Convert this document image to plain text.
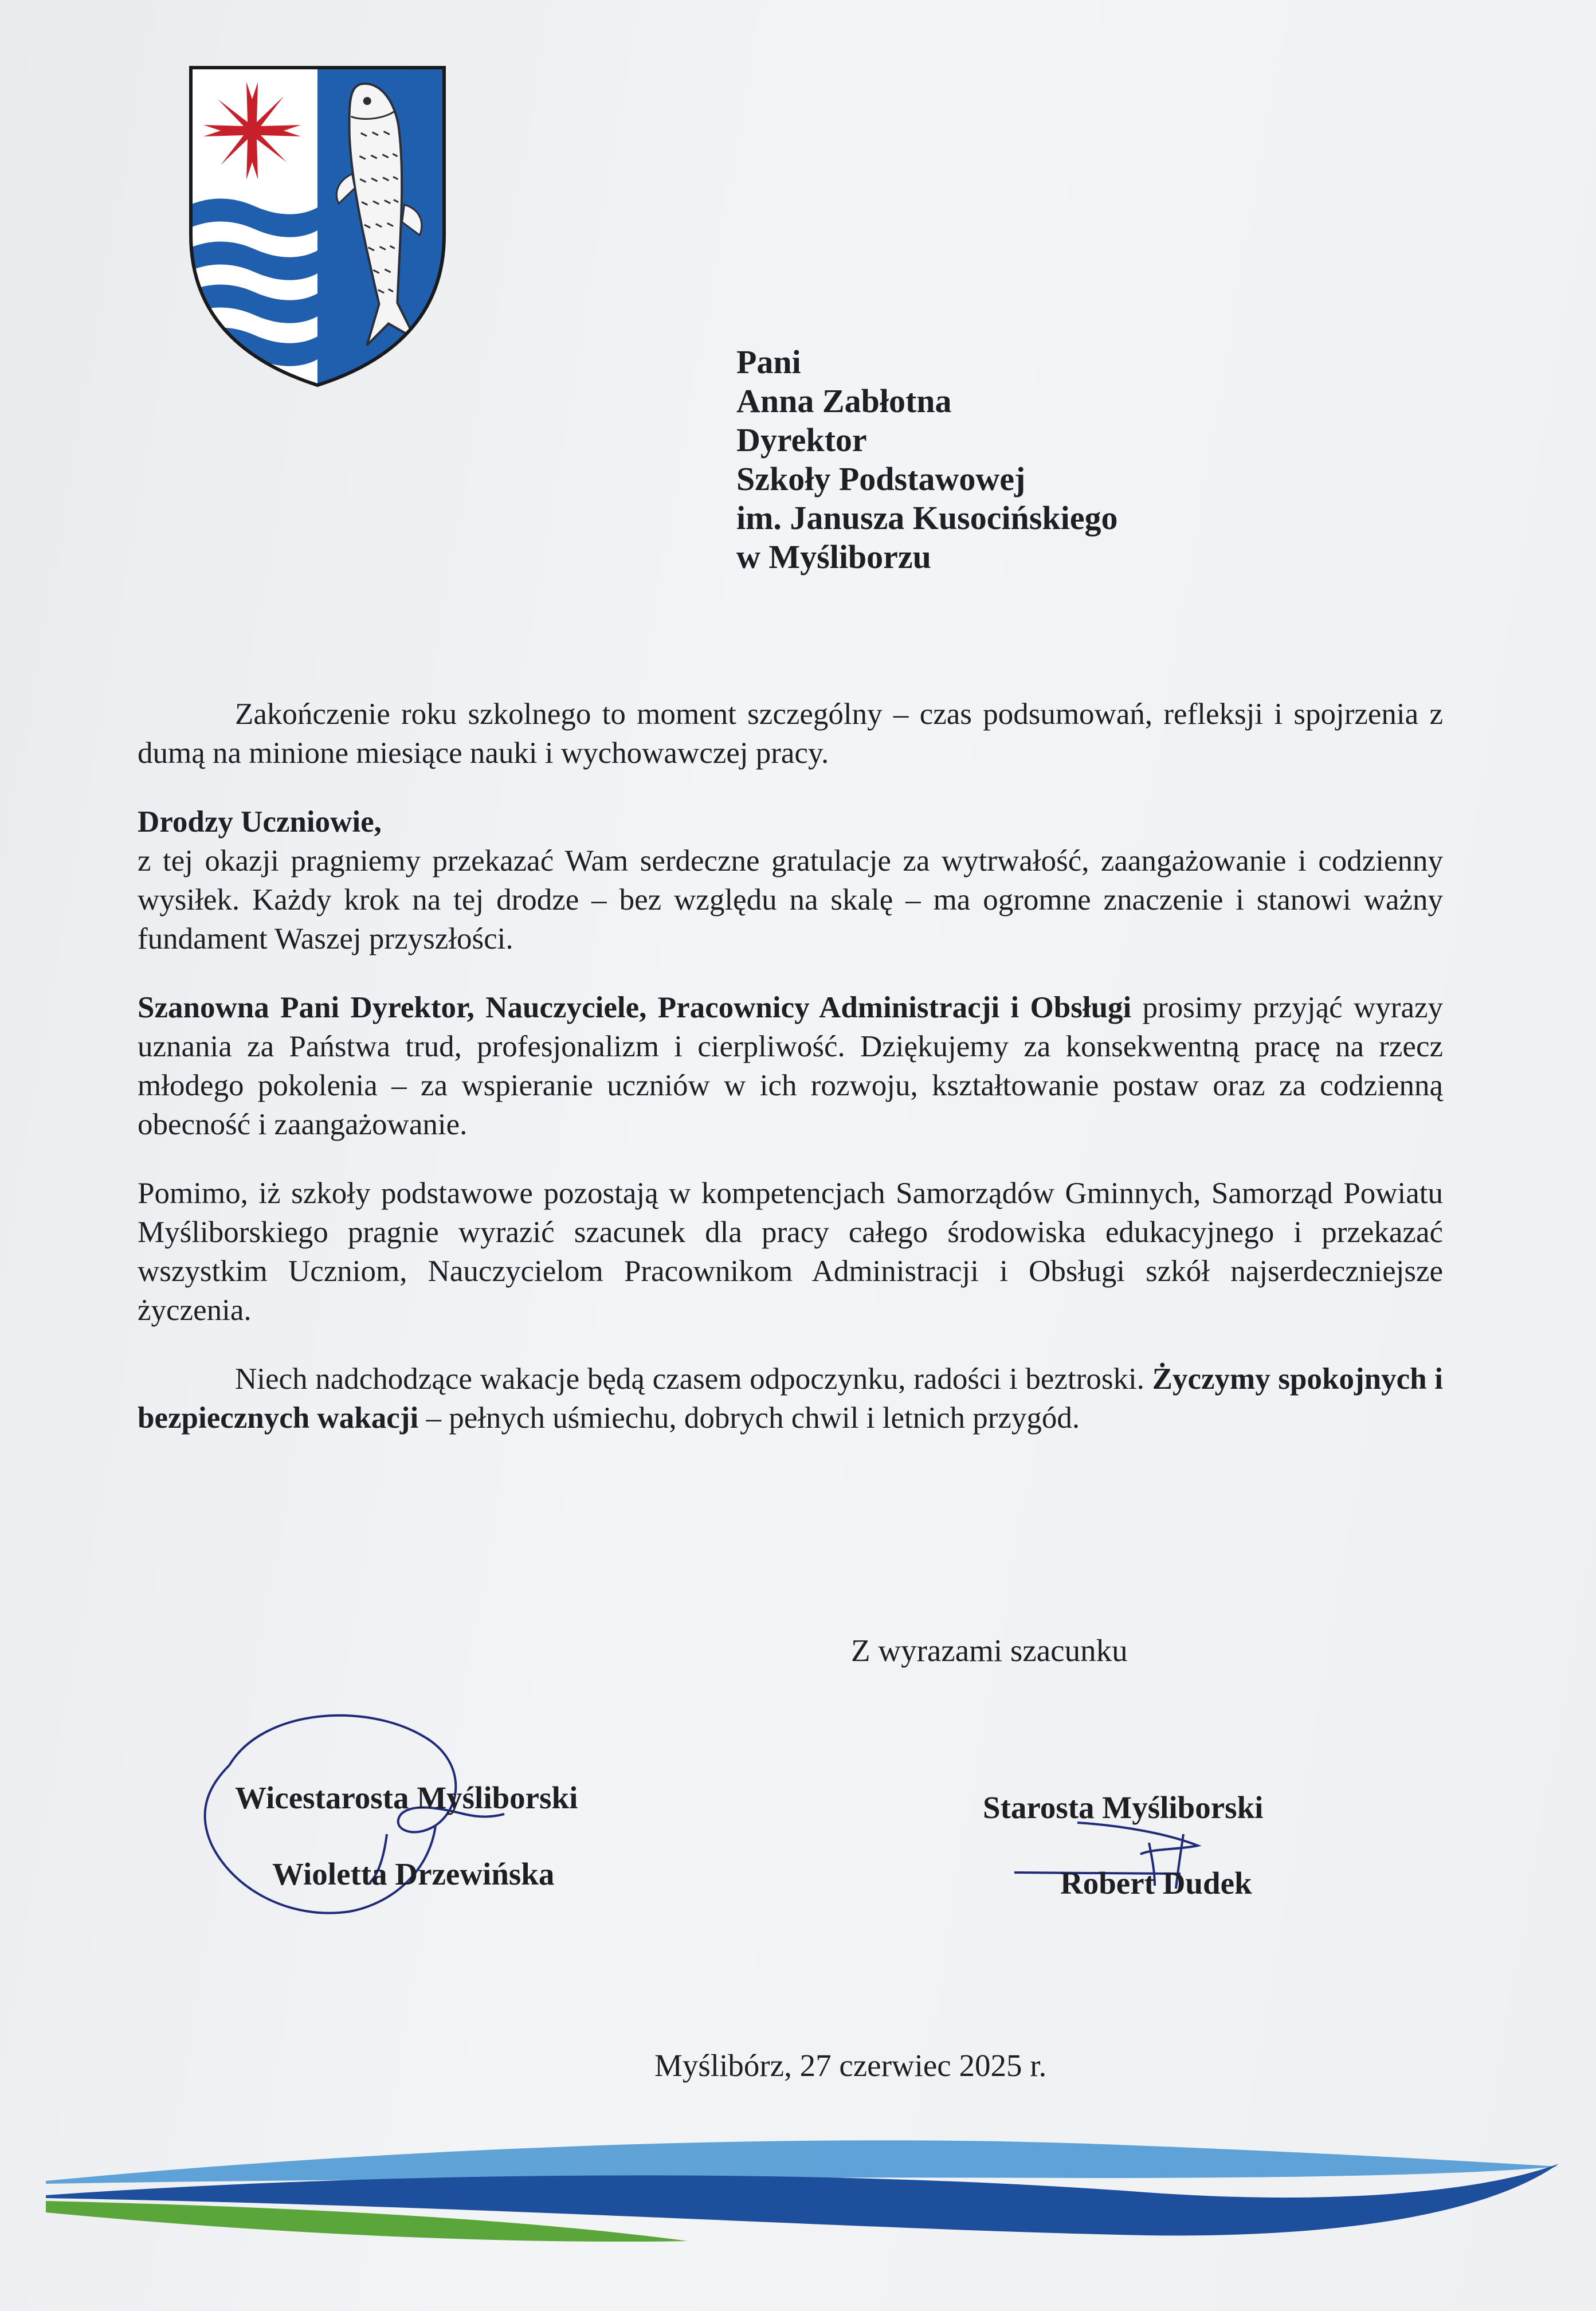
Pani
Anna Zabłotna
Dyrektor
Szkoły Podstawowej
im. Janusza Kusocińskiego
w Myśliborzu

Zakończenie roku szkolnego to moment szczególny – czas podsumowań, refleksji i spojrzenia z dumą na minione miesiące nauki i wychowawczej pracy.

Drodzy Uczniowie,
z tej okazji pragniemy przekazać Wam serdeczne gratulacje za wytrwałość, zaangażowanie i codzienny wysiłek. Każdy krok na tej drodze – bez względu na skalę – ma ogromne znaczenie i stanowi ważny fundament Waszej przyszłości.

Szanowna Pani Dyrektor, Nauczyciele, Pracownicy Administracji i Obsługi prosimy przyjąć wyrazy uznania za Państwa trud, profesjonalizm i cierpliwość. Dziękujemy za konsekwentną pracę na rzecz młodego pokolenia – za wspieranie uczniów w ich rozwoju, kształtowanie postaw oraz za codzienną obecność i zaangażowanie.

Pomimo, iż szkoły podstawowe pozostają w kompetencjach Samorządów Gminnych, Samorząd Powiatu Myśliborskiego pragnie wyrazić szacunek dla pracy całego środowiska edukacyjnego i przekazać wszystkim Uczniom, Nauczycielom Pracownikom Administracji i Obsługi szkół najserdeczniejsze życzenia.

Niech nadchodzące wakacje będą czasem odpoczynku, radości i beztroski. Życzymy spokojnych i bezpiecznych wakacji – pełnych uśmiechu, dobrych chwil i letnich przygód.

Z wyrazami szacunku
Wicestarosta Myśliborski
Wioletta Drzewińska
Starosta Myśliborski
Robert Dudek
Myślibórz, 27 czerwiec 2025 r.
